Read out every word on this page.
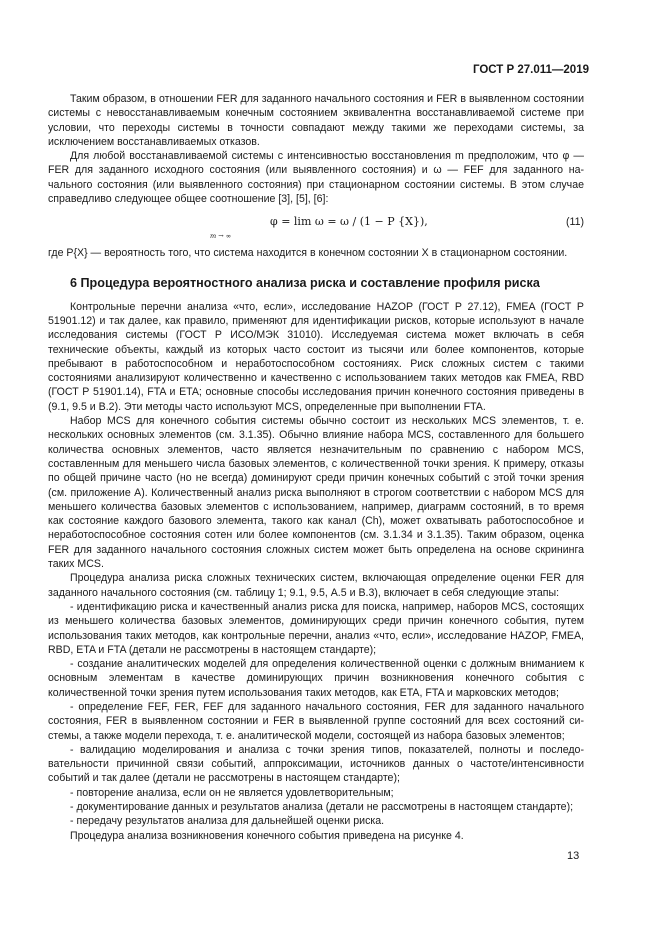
ГОСТ Р 27.011—2019

Таким образом, в отношении FER для заданного начального состояния и FER в выявленном состоянии системы с невосстанавливаемым конечным состоянием эквивалентна восстанавливаемой системе при условии, что переходы системы в точности совпадают между такими же переходами системы, за исключением восстанавливаемых отказов.

Для любой восстанавливаемой системы с интенсивностью восстановления m предположим, что φ — FER для заданного исходного состояния (или выявленного состояния) и ω — FEF для заданного начального состояния (или выявленного состояния) при стационарном состоянии системы. В этом случае справедливо следующее общее соотношение [3], [5], [6]:

φ = lim ω = ω / (1 − P {X}),
m → ∞
(11)

где P{X} — вероятность того, что система находится в конечном состоянии X в стационарном состоянии.

6 Процедура вероятностного анализа риска и составление профиля риска

Контрольные перечни анализа «что, если», исследование HAZOP (ГОСТ Р 27.12), FMEA (ГОСТ Р 51901.12) и так далее, как правило, применяют для идентификации рисков, которые используют в начале исследования системы (ГОСТ Р ИСО/МЭК 31010). Исследуемая система может включать в себя технические объекты, каждый из которых часто состоит из тысячи или более компонентов, которые пребывают в работоспособном и неработоспособном состояниях. Риск сложных систем с такими состояниями анализируют количественно и качественно с использованием таких методов как FMEA, RBD (ГОСТ Р 51901.14), FTA и ETA; основные способы исследования причин конечного состояния приведены в (9.1, 9.5 и В.2). Эти методы часто используют MCS, определенные при выполнении FTA.

Набор MCS для конечного события системы обычно состоит из нескольких MCS элементов, т. е. нескольких основных элементов (см. 3.1.35). Обычно влияние набора MCS, составленного для большего количества основных элементов, часто является незначительным по сравнению с набором MCS, составленным для меньшего числа базовых элементов, с количественной точки зрения. К примеру, отказы по общей причине часто (но не всегда) доминируют среди причин конечных событий с этой точки зрения (см. приложение А). Количественный анализ риска выполняют в строгом соответствии с набором MCS для меньшего количества базовых элементов с использованием, например, диаграмм состояний, в то время как состояние каждого базового элемента, такого как канал (Ch), может охватывать работоспособное и неработоспособное состояния сотен или более компонентов (см. 3.1.34 и 3.1.35). Таким образом, оценка FER для заданного начального состояния сложных систем может быть определена на основе скрининга таких MCS.

Процедура анализа риска сложных технических систем, включающая определение оценки FER для заданного начального состояния (см. таблицу 1; 9.1, 9.5, А.5 и В.3), включает в себя следующие этапы:

- идентификацию риска и качественный анализ риска для поиска, например, наборов MCS, состоящих из меньшего количества базовых элементов, доминирующих среди причин конечного события, путем использования таких методов, как контрольные перечни, анализ «что, если», исследование HAZOP, FMEA, RBD, ETA и FTA (детали не рассмотрены в настоящем стандарте);

- создание аналитических моделей для определения количественной оценки с должным вниманием к основным элементам в качестве доминирующих причин возникновения конечного события с количественной точки зрения путем использования таких методов, как ETA, FTA и марковских методов;

- определение FEF, FER, FEF для заданного начального состояния, FER для заданного начального состояния, FER в выявленном состоянии и FER в выявленной группе состояний для всех состояний системы, а также модели перехода, т. е. аналитической модели, состоящей из набора базовых элементов;

- валидацию моделирования и анализа с точки зрения типов, показателей, полноты и последовательности причинной связи событий, аппроксимации, источников данных о частоте/интенсивности событий и так далее (детали не рассмотрены в настоящем стандарте);

- повторение анализа, если он не является удовлетворительным;

- документирование данных и результатов анализа (детали не рассмотрены в настоящем стандарте);

- передачу результатов анализа для дальнейшей оценки риска.

Процедура анализа возникновения конечного события приведена на рисунке 4.

13
